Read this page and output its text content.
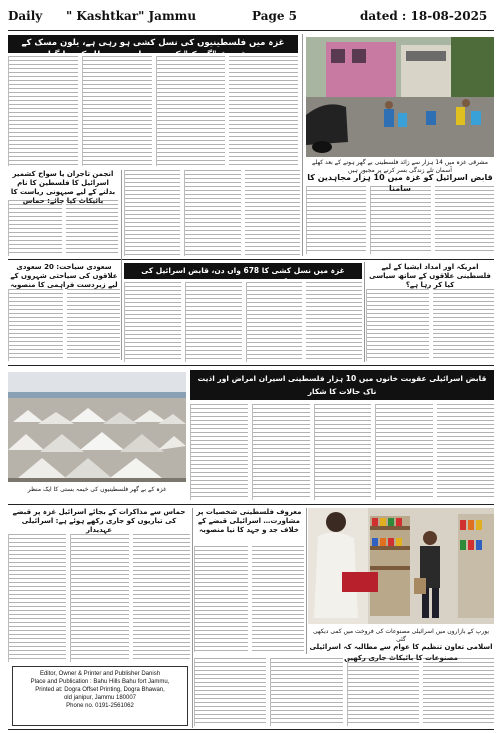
Daily " Kashtkar" Jammu	Page 5	dated : 18-08-2025
غزہ میں فلسطینیوں کی نسل کشی ہو رہی ہے، یلون مسک کے چیٹ بوٹ "گروک" کو سچ بولنے پر معطل کر دیا گیا
مشرقی غزہ میں 14 ہزار سے زائد فلسطینی بے گھر ہونے کے بعد کھلے آسمان تلے زندگی بسر کرنے پر مجبور ہیں
قابض اسرائیل کو غزہ میں 10 ہزار مجاہدین کا سامنا
انجمن تاجران یا سواح کشمیر اسرائیل کا فلسطین کا نام بدلنے کے لیے صیہونی ریاست کا بائیکاٹ کیا جائے: حماس
سعودی سیاحت: 20 سعودی علاقوں کی سیاحتی شہروں کے لیے زبردست فراہمی کا منصوبہ
غزہ میں نسل کشی کا 678 واں دن، قابض اسرائیل کی درندگی عروج پر، قتل عام جاری
امریکہ اور امداد ایشیا کے لیے فلسطینی علاقوں کے ساتھ سیاسی کیا کر رہا ہے؟
غزہ کے بے گھر فلسطینیوں کی خیمہ بستی کا ایک منظر
قابض اسرائیلی عقوبت خانوں میں 10 ہزار فلسطینی اسیران امراض اور اذیت ناک حالات کا شکار
حماس سے مذاکرات کے بجائے اسرائیل غزہ پر قبضے کی تیاریوں کو جاری رکھے ہوئے ہے: اسرائیلی عہدیدار
Editor, Owner & Printer and Publisher Danish
Place and Publication : Bahu Hills Bahu fort Jammu,
Printed at: Dogra Offset Printing, Dogra Bhawan,
old janipur, Jammu 180007
Phone no. 0191-2561062
معروف فلسطینی شخصیات پر مشاورت… اسرائیلی قبضے کے خلاف جد و جہد کا نیا منصوبہ
یورپ کے بازاروں میں اسرائیلی مصنوعات کی فروخت میں کمی دیکھی گئی
اسلامی تعاون تنظیم کا عوام سے مطالبہ کہ اسرائیلی مصنوعات کا بائیکاٹ جاری رکھیں
